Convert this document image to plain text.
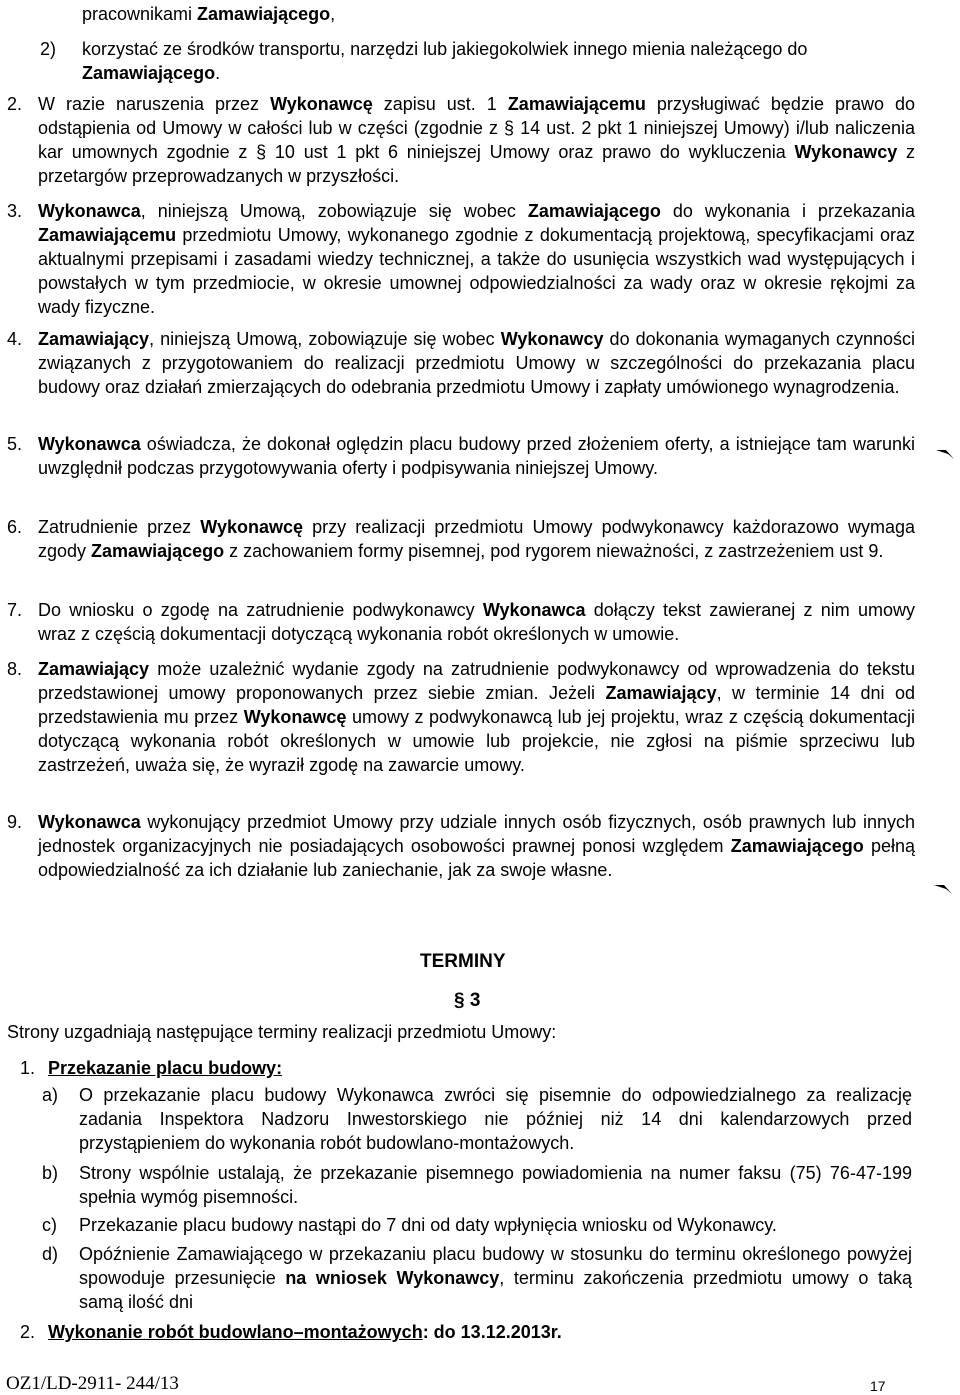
pracownikami Zamawiającego,
2) korzystać ze środków transportu, narzędzi lub jakiegokolwiek innego mienia należącego do
Zamawiającego.
2. W razie naruszenia przez Wykonawcę zapisu ust. 1 Zamawiającemu przysługiwać będzie prawo do odstąpienia od Umowy w całości lub w części (zgodnie z § 14 ust. 2 pkt 1 niniejszej Umowy) i/lub naliczenia kar umownych zgodnie z § 10 ust 1 pkt 6 niniejszej Umowy oraz prawo do wykluczenia Wykonawcy z przetargów przeprowadzanych w przyszłości.
3. Wykonawca, niniejszą Umową, zobowiązuje się wobec Zamawiającego do wykonania i przekazania Zamawiającemu przedmiotu Umowy, wykonanego zgodnie z dokumentacją projektową, specyfikacjami oraz aktualnymi przepisami i zasadami wiedzy technicznej, a także do usunięcia wszystkich wad występujących i powstałych w tym przedmiocie, w okresie umownej odpowiedzialności za wady oraz w okresie rękojmi za wady fizyczne.
4. Zamawiający, niniejszą Umową, zobowiązuje się wobec Wykonawcy do dokonania wymaganych czynności związanych z przygotowaniem do realizacji przedmiotu Umowy w szczególności do przekazania placu budowy oraz działań zmierzających do odebrania przedmiotu Umowy i zapłaty umówionego wynagrodzenia.
5. Wykonawca oświadcza, że dokonał oględzin placu budowy przed złożeniem oferty, a istniejące tam warunki uwzględnił podczas przygotowywania oferty i podpisywania niniejszej Umowy.
6. Zatrudnienie przez Wykonawcę przy realizacji przedmiotu Umowy podwykonawcy każdorazowo wymaga zgody Zamawiającego z zachowaniem formy pisemnej, pod rygorem nieważności, z zastrzeżeniem ust 9.
7. Do wniosku o zgodę na zatrudnienie podwykonawcy Wykonawca dołączy tekst zawieranej z nim umowy wraz z częścią dokumentacji dotyczącą wykonania robót określonych w umowie.
8. Zamawiający może uzależnić wydanie zgody na zatrudnienie podwykonawcy od wprowadzenia do tekstu przedstawionej umowy proponowanych przez siebie zmian. Jeżeli Zamawiający, w terminie 14 dni od przedstawienia mu przez Wykonawcę umowy z podwykonawcą lub jej projektu, wraz z częścią dokumentacji dotyczącą wykonania robót określonych w umowie lub projekcie, nie zgłosi na piśmie sprzeciwu lub zastrzeżeń, uważa się, że wyraził zgodę na zawarcie umowy.
9. Wykonawca wykonujący przedmiot Umowy przy udziale innych osób fizycznych, osób prawnych lub innych jednostek organizacyjnych nie posiadających osobowości prawnej ponosi względem Zamawiającego pełną odpowiedzialność za ich działanie lub zaniechanie, jak za swoje własne.
TERMINY
§ 3
Strony uzgadniają następujące terminy realizacji przedmiotu Umowy:
1. Przekazanie placu budowy:
a) O przekazanie placu budowy Wykonawca zwróci się pisemnie do odpowiedzialnego za realizację zadania Inspektora Nadzoru Inwestorskiego nie później niż 14 dni kalendarzowych przed przystąpieniem do wykonania robót budowlano-montażowych.
b) Strony wspólnie ustalają, że przekazanie pisemnego powiadomienia na numer faksu (75) 76-47-199 spełnia wymóg pisemności.
c) Przekazanie placu budowy nastąpi do 7 dni od daty wpłynięcia wniosku od Wykonawcy.
d) Opóźnienie Zamawiającego w przekazaniu placu budowy w stosunku do terminu określonego powyżej spowoduje przesunięcie na wniosek Wykonawcy, terminu zakończenia przedmiotu umowy o taką samą ilość dni
2. Wykonanie robót budowlano–montażowych: do 13.12.2013r.
OZ1/LD-2911- 244/13	17
